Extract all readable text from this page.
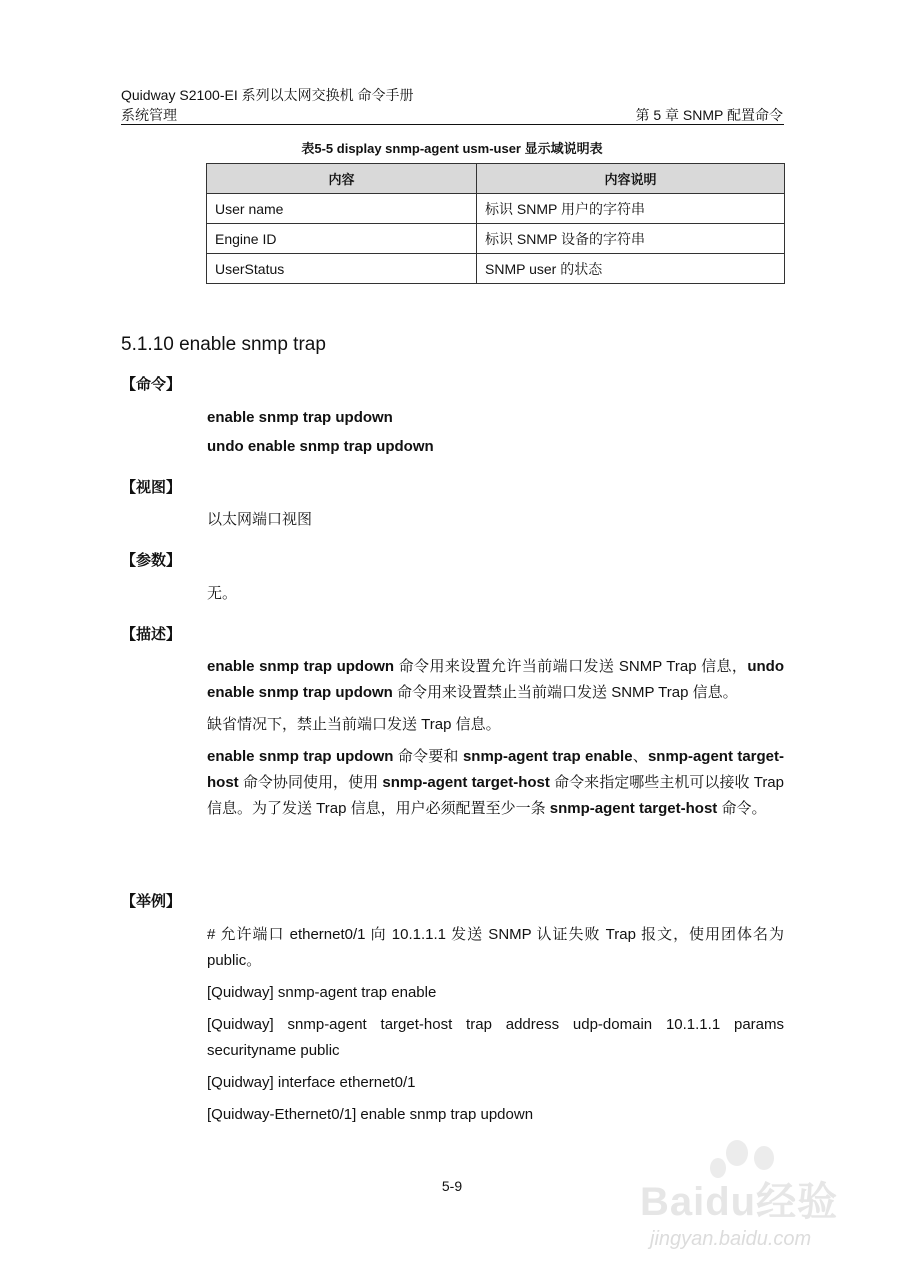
Quidway S2100-EI 系列以太网交换机 命令手册
系统管理	第 5 章 SNMP 配置命令
表5-5 display snmp-agent usm-user 显示域说明表
内容	内容说明
User name	标识 SNMP 用户的字符串
Engine ID	标识 SNMP 设备的字符串
UserStatus	SNMP user 的状态
5.1.10 enable snmp trap
【命令】
enable snmp trap updown
undo enable snmp trap updown
【视图】
以太网端口视图
【参数】
无。
【描述】

enable snmp trap updown 命令用来设置允许当前端口发送 SNMP Trap 信息，undo enable snmp trap updown 命令用来设置禁止当前端口发送 SNMP Trap 信息。

缺省情况下，禁止当前端口发送 Trap 信息。

enable snmp trap updown 命令要和 snmp-agent trap enable、snmp-agent target-host 命令协同使用，使用 snmp-agent target-host 命令来指定哪些主机可以接收 Trap 信息。为了发送 Trap 信息，用户必须配置至少一条 snmp-agent target-host 命令。

【举例】

# 允许端口 ethernet0/1 向 10.1.1.1 发送 SNMP 认证失败 Trap 报文，使用团体名为 public。

[Quidway] snmp-agent trap enable

[Quidway] snmp-agent target-host trap address udp-domain 10.1.1.1 params securityname public

[Quidway] interface ethernet0/1

[Quidway-Ethernet0/1] enable snmp trap updown

5-9	Baidu经验
jingyan.baidu.com
